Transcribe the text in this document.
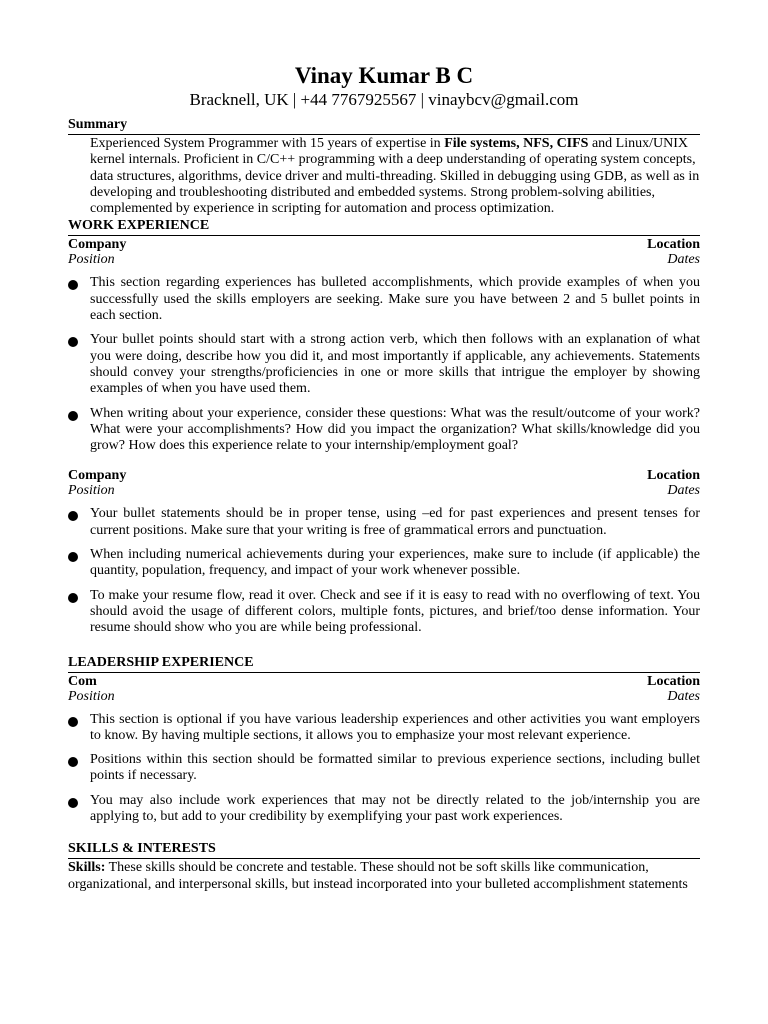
Vinay Kumar B C
Bracknell, UK | +44 7767925567 | vinaybcv@gmail.com
Summary
Experienced System Programmer with 15 years of expertise in File systems, NFS, CIFS and Linux/UNIX kernel internals. Proficient in C/C++ programming with a deep understanding of operating system concepts, data structures, algorithms, device driver and multi-threading. Skilled in debugging using GDB, as well as in developing and troubleshooting distributed and embedded systems. Strong problem-solving abilities, complemented by experience in scripting for automation and process optimization.
WORK EXPERIENCE
Company	Location
Position	Dates
This section regarding experiences has bulleted accomplishments, which provide examples of when you successfully used the skills employers are seeking. Make sure you have between 2 and 5 bullet points in each section.
Your bullet points should start with a strong action verb, which then follows with an explanation of what you were doing, describe how you did it, and most importantly if applicable, any achievements. Statements should convey your strengths/proficiencies in one or more skills that intrigue the employer by showing examples of when you have used them.
When writing about your experience, consider these questions: What was the result/outcome of your work? What were your accomplishments? How did you impact the organization? What skills/knowledge did you grow? How does this experience relate to your internship/employment goal?
Company	Location
Position	Dates
Your bullet statements should be in proper tense, using –ed for past experiences and present tenses for current positions. Make sure that your writing is free of grammatical errors and punctuation.
When including numerical achievements during your experiences, make sure to include (if applicable) the quantity, population, frequency, and impact of your work whenever possible.
To make your resume flow, read it over. Check and see if it is easy to read with no overflowing of text. You should avoid the usage of different colors, multiple fonts, pictures, and brief/too dense information. Your resume should show who you are while being professional.
LEADERSHIP EXPERIENCE
Com	Location
Position	Dates
This section is optional if you have various leadership experiences and other activities you want employers to know. By having multiple sections, it allows you to emphasize your most relevant experience.
Positions within this section should be formatted similar to previous experience sections, including bullet points if necessary.
You may also include work experiences that may not be directly related to the job/internship you are applying to, but add to your credibility by exemplifying your past work experiences.
SKILLS & INTERESTS
Skills: These skills should be concrete and testable. These should not be soft skills like communication, organizational, and interpersonal skills, but instead incorporated into your bulleted accomplishment statements
